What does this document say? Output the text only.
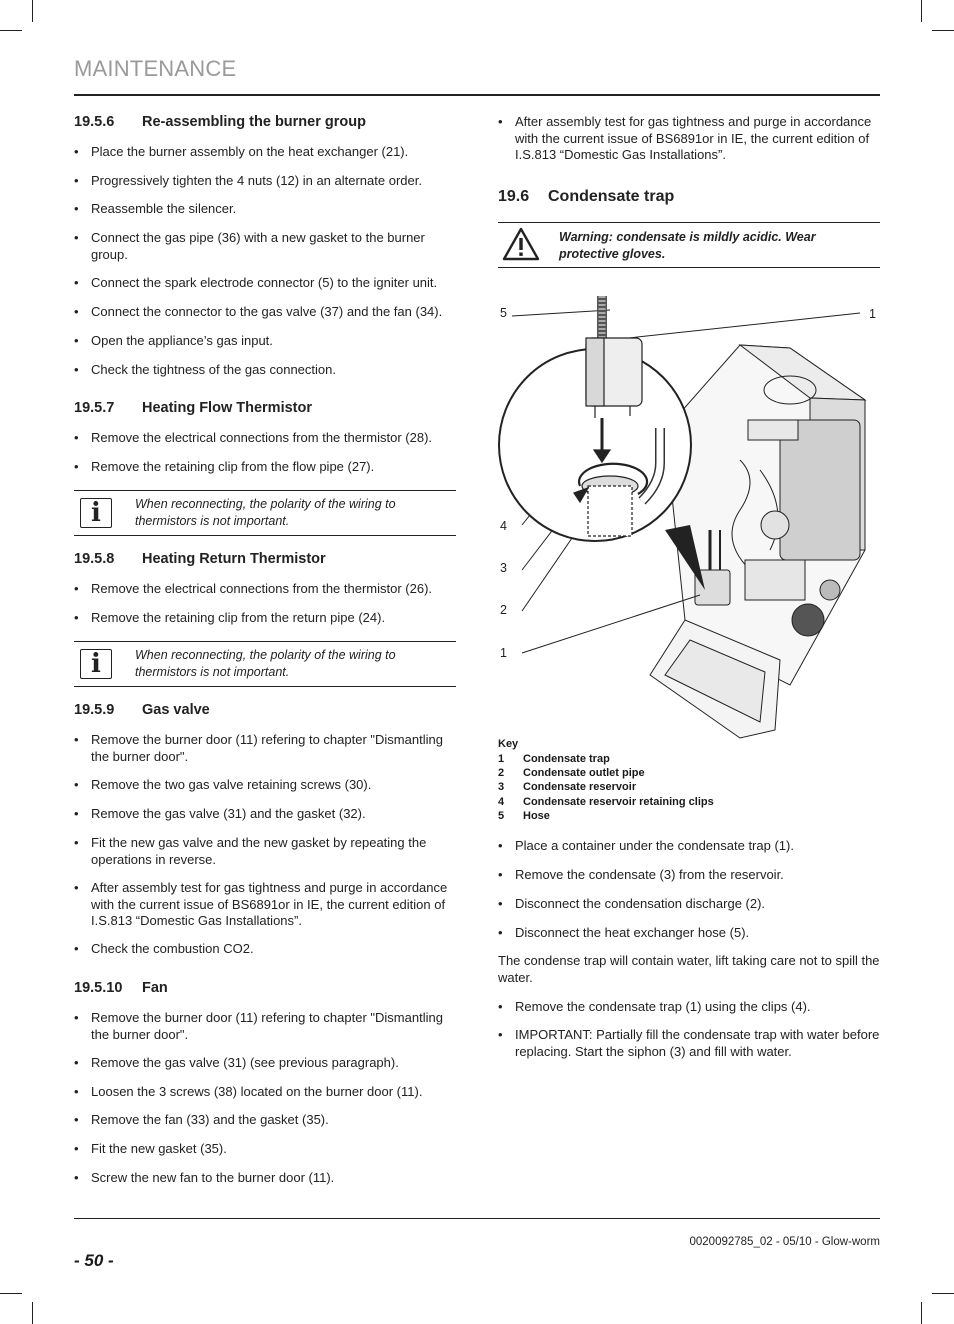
MAINTENANCE
19.5.6 Re-assembling the burner group
• Place the burner assembly on the heat exchanger (21).
• Progressively tighten the 4 nuts (12) in an alternate order.
• Reassemble the silencer.
• Connect the gas pipe (36) with a new gasket to the burner group.
• Connect the spark electrode connector (5) to the igniter unit.
• Connect the connector to the gas valve (37) and the fan (34).
• Open the appliance’s gas input.
• Check the tightness of the gas connection.
19.5.7 Heating Flow Thermistor
• Remove the electrical connections from the thermistor (28).
• Remove the retaining clip from the flow pipe (27).
i	When reconnecting, the polarity of the wiring to thermistors is not important.
19.5.8 Heating Return Thermistor
• Remove the electrical connections from the thermistor (26).
• Remove the retaining clip from the return pipe (24).
i	When reconnecting, the polarity of the wiring to thermistors is not important.
19.5.9 Gas valve
• Remove the burner door (11) refering to chapter "Dismantling the burner door".
• Remove the two gas valve retaining screws (30).
• Remove the gas valve (31) and the gasket (32).
• Fit the new gas valve and the new gasket by repeating the operations in reverse.
• After assembly test for gas tightness and purge in accordance with the current issue of BS6891or in IE, the current edition of I.S.813 “Domestic Gas Installations”.
• Check the combustion CO2.
19.5.10 Fan
• Remove the burner door (11) refering to chapter "Dismantling the burner door".
• Remove the gas valve (31) (see previous paragraph).
• Loosen the 3 screws (38) located on the burner door (11).
• Remove the fan (33) and the gasket (35).
• Fit the new gasket (35).
• Screw the new fan to the burner door (11).
• After assembly test for gas tightness and purge in accordance with the current issue of BS6891or in IE, the current edition of I.S.813 “Domestic Gas Installations”.
19.6 Condensate trap
Warning: condensate is mildly acidic. Wear protective gloves.
5	1
4
3
2
1
Key
1 Condensate trap
2 Condensate outlet pipe
3 Condensate reservoir
4 Condensate reservoir retaining clips
5 Hose
• Place a container under the condensate trap (1).
• Remove the condensate (3) from the reservoir.
• Disconnect the condensation discharge (2).
• Disconnect the heat exchanger hose (5).
The condense trap will contain water, lift taking care not to spill the water.
• Remove the condensate trap (1) using the clips (4).
• IMPORTANT: Partially fill the condensate trap with water before replacing. Start the siphon (3) and fill with water.
0020092785_02 - 05/10 - Glow-worm
- 50 -
